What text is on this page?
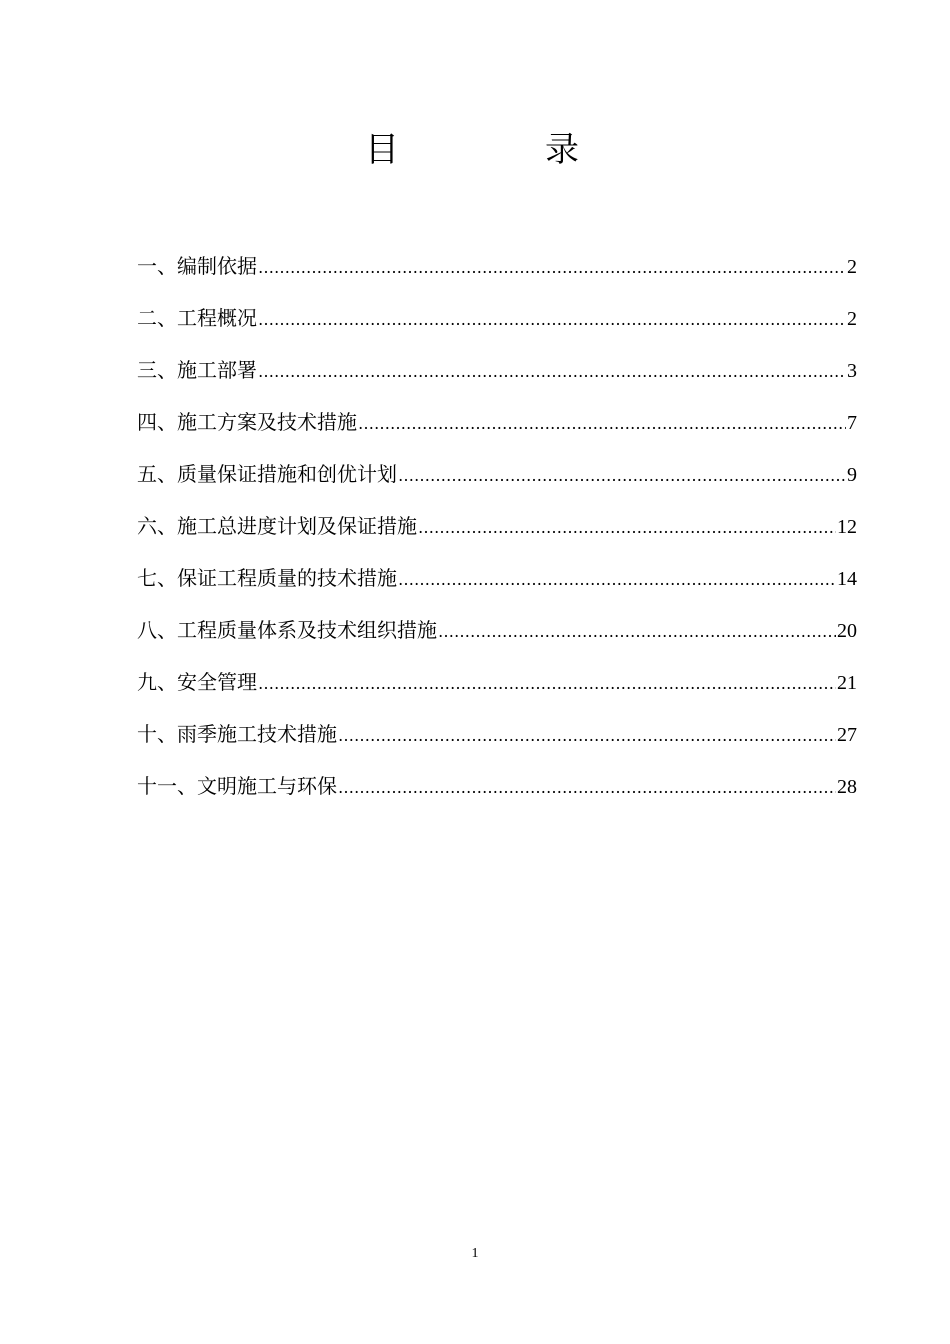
目　录
一、编制依据 …………………………………………………………………………………………………………………………………………………………………………………………	2
二、工程概况 …………………………………………………………………………………………………………………………………………………………………………………………	2
三、施工部署 …………………………………………………………………………………………………………………………………………………………………………………………	3
四、施工方案及技术措施 …………………………………………………………………………………………………………………………………………………………………………………………	7
五、质量保证措施和创优计划 …………………………………………………………………………………………………………………………………………………………………………………………	9
六、施工总进度计划及保证措施 …………………………………………………………………………………………………………………………………………………………………………………………	12
七、保证工程质量的技术措施 …………………………………………………………………………………………………………………………………………………………………………………………	14
八、工程质量体系及技术组织措施 …………………………………………………………………………………………………………………………………………………………………………………………	20
九、安全管理 …………………………………………………………………………………………………………………………………………………………………………………………	21
十、雨季施工技术措施 …………………………………………………………………………………………………………………………………………………………………………………………	27
十一、文明施工与环保 …………………………………………………………………………………………………………………………………………………………………………………………	28
1
